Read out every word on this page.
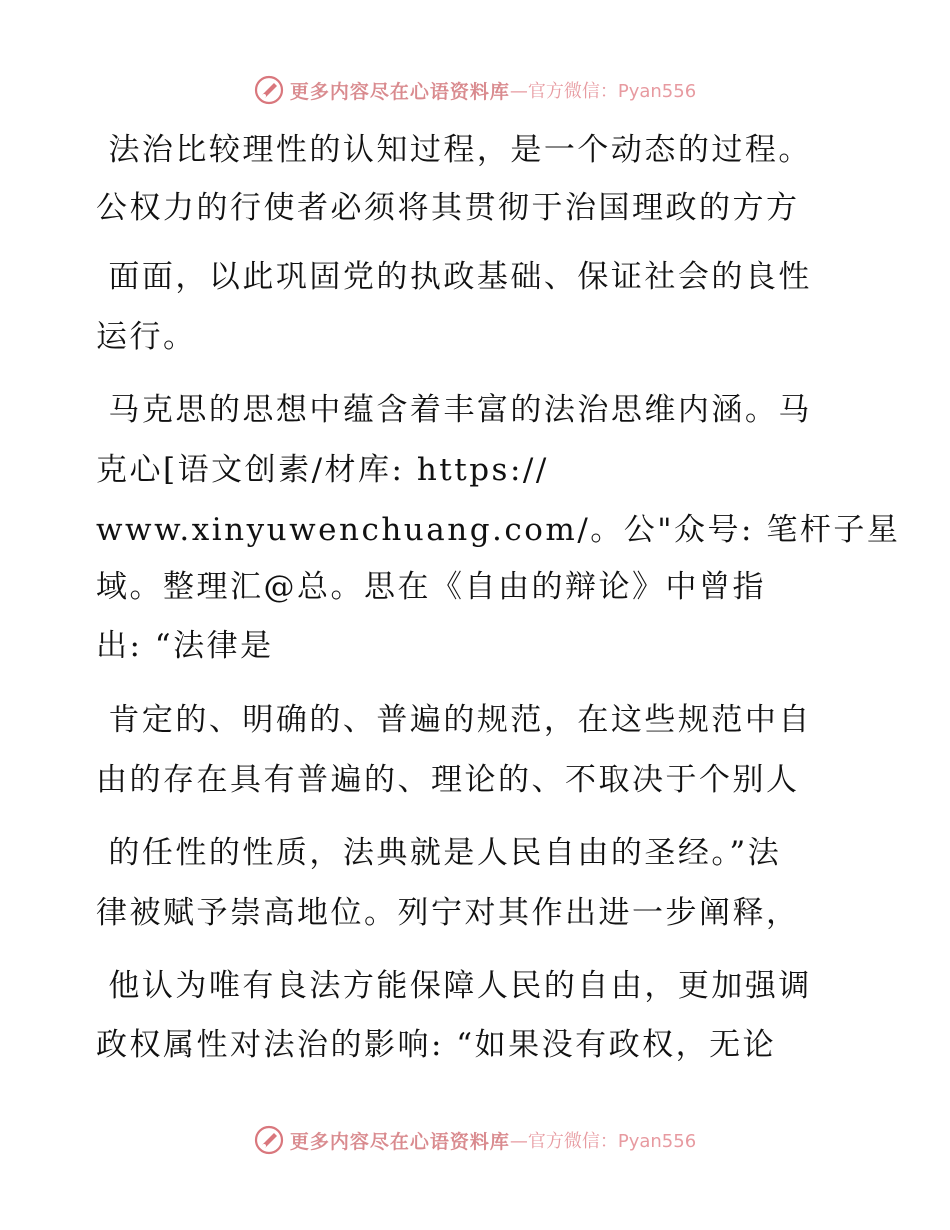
更多内容尽在心语资料库 —官方微信：Pyan556
法治比较理性的认知过程，是一个动态的过程。
公权力的行使者必须将其贯彻于治国理政的方方
面面，以此巩固党的执政基础、保证社会的良性
运行。
马克思的思想中蕴含着丰富的法治思维内涵。马
克心[语文创素/材库: https://
www.xinyuwenchuang.com/。公"众号: 笔杆子星
域。整理汇@总。思在《自由的辩论》中曾指
出: “法律是
肯定的、明确的、普遍的规范，在这些规范中自
由的存在具有普遍的、理论的、不取决于个别人
的任性的性质，法典就是人民自由的圣经。”法
律被赋予崇高地位。列宁对其作出进一步阐释，
他认为唯有良法方能保障人民的自由，更加强调
政权属性对法治的影响: “如果没有政权，无论
更多内容尽在心语资料库 —官方微信：Pyan556
